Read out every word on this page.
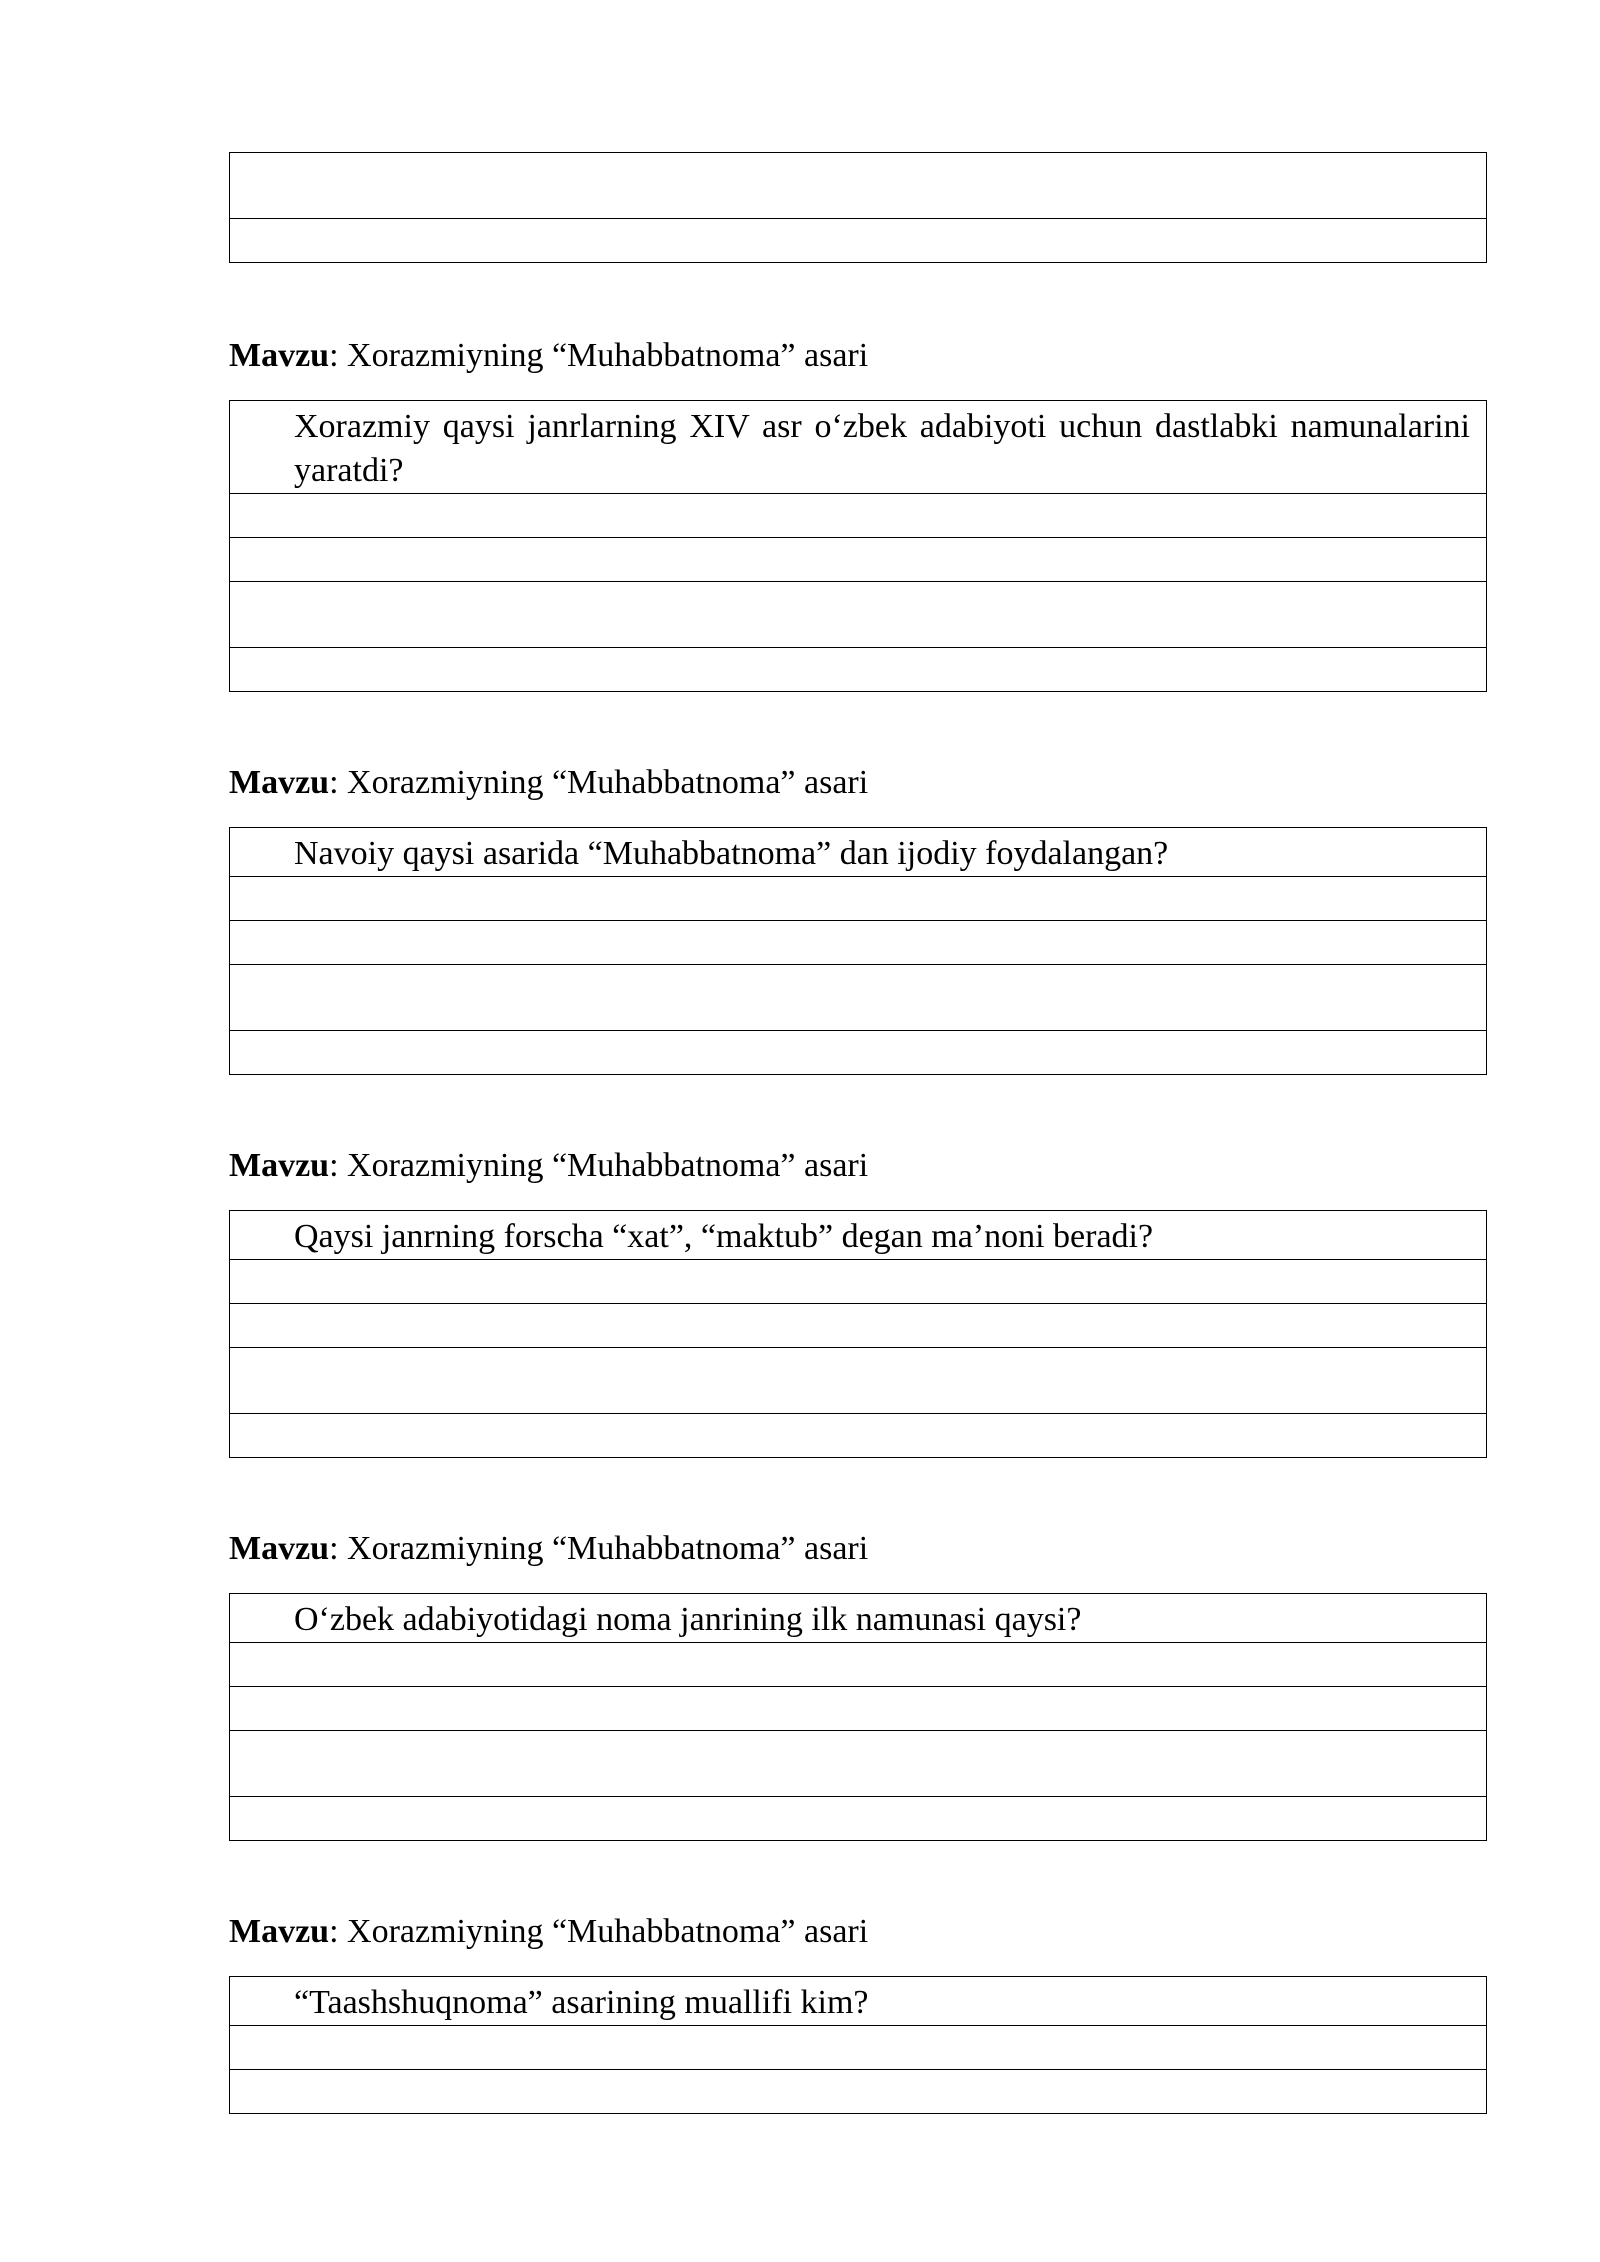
Mavzu: Xorazmiyning “Muhabbatnoma” asari
Xorazmiy qaysi janrlarning XIV asr o‘zbek adabiyoti uchun dastlabki namunalarini yaratdi?

Mavzu: Xorazmiyning “Muhabbatnoma” asari
Navoiy qaysi asarida “Muhabbatnoma” dan ijodiy foydalangan?

Mavzu: Xorazmiyning “Muhabbatnoma” asari
Qaysi janrning forscha “xat”, “maktub” degan ma’noni beradi?

Mavzu: Xorazmiyning “Muhabbatnoma” asari
O‘zbek adabiyotidagi noma janrining ilk namunasi qaysi?

Mavzu: Xorazmiyning “Muhabbatnoma” asari
“Taashshuqnoma” asarining muallifi kim?
